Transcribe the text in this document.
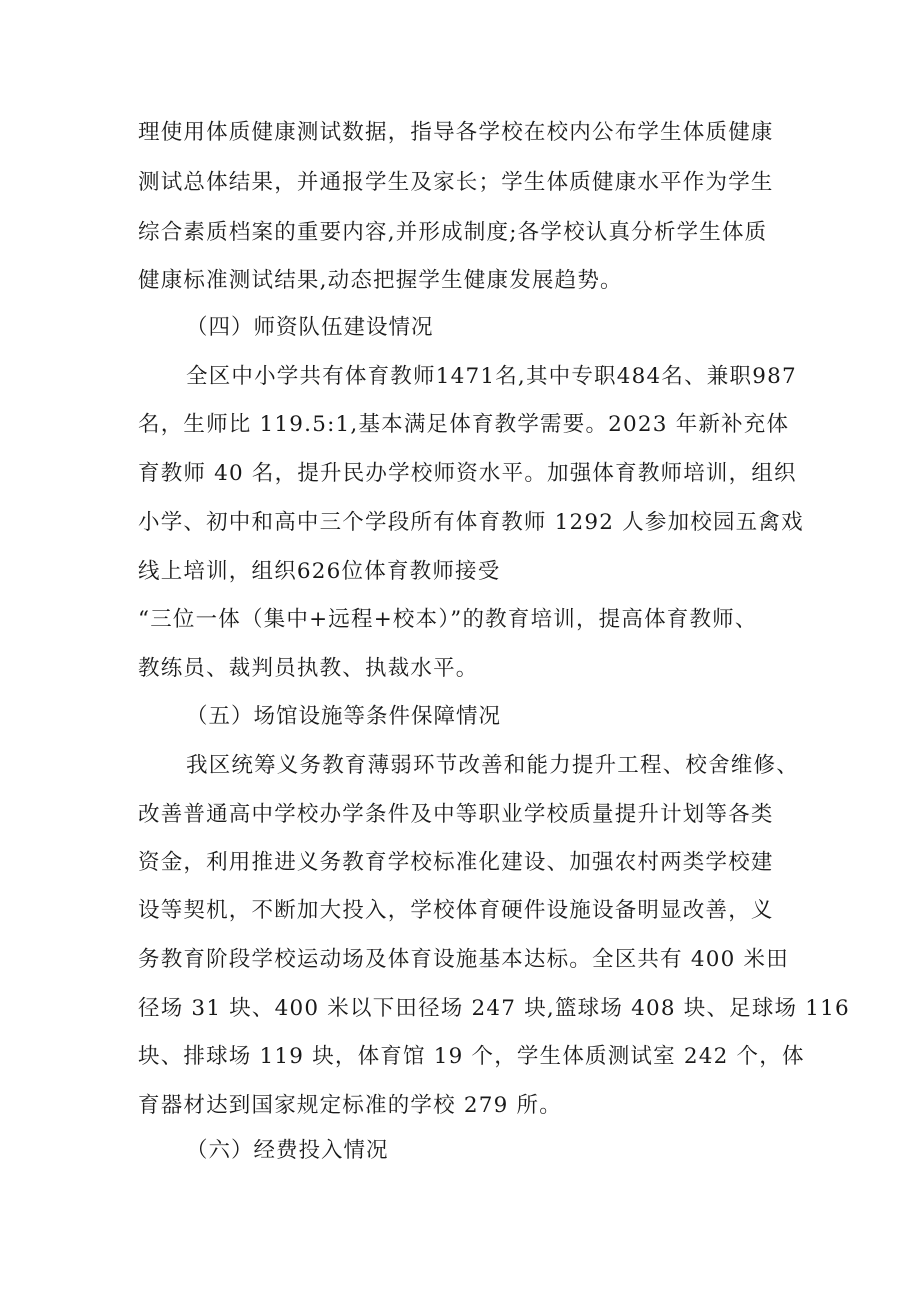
理使用体质健康测试数据，指导各学校在校内公布学生体质健康
测试总体结果，并通报学生及家长；学生体质健康水平作为学生
综合素质档案的重要内容,并形成制度;各学校认真分析学生体质
健康标准测试结果,动态把握学生健康发展趋势。
（四）师资队伍建设情况
全区中小学共有体育教师1471名,其中专职484名、兼职987
名，生师比 119.5:1,基本满足体育教学需要。2023 年新补充体
育教师 40 名，提升民办学校师资水平。加强体育教师培训，组织
小学、初中和高中三个学段所有体育教师 1292 人参加校园五禽戏
线上培训，组织626位体育教师接受
“三位一体（集中+远程+校本）”的教育培训，提高体育教师、
教练员、裁判员执教、执裁水平。
（五）场馆设施等条件保障情况
我区统筹义务教育薄弱环节改善和能力提升工程、校舍维修、
改善普通高中学校办学条件及中等职业学校质量提升计划等各类
资金，利用推进义务教育学校标准化建设、加强农村两类学校建
设等契机，不断加大投入，学校体育硬件设施设备明显改善，义
务教育阶段学校运动场及体育设施基本达标。全区共有 400 米田
径场 31 块、400 米以下田径场 247 块,篮球场 408 块、足球场 116
块、排球场 119 块，体育馆 19 个，学生体质测试室 242 个，体
育器材达到国家规定标准的学校 279 所。
（六）经费投入情况
